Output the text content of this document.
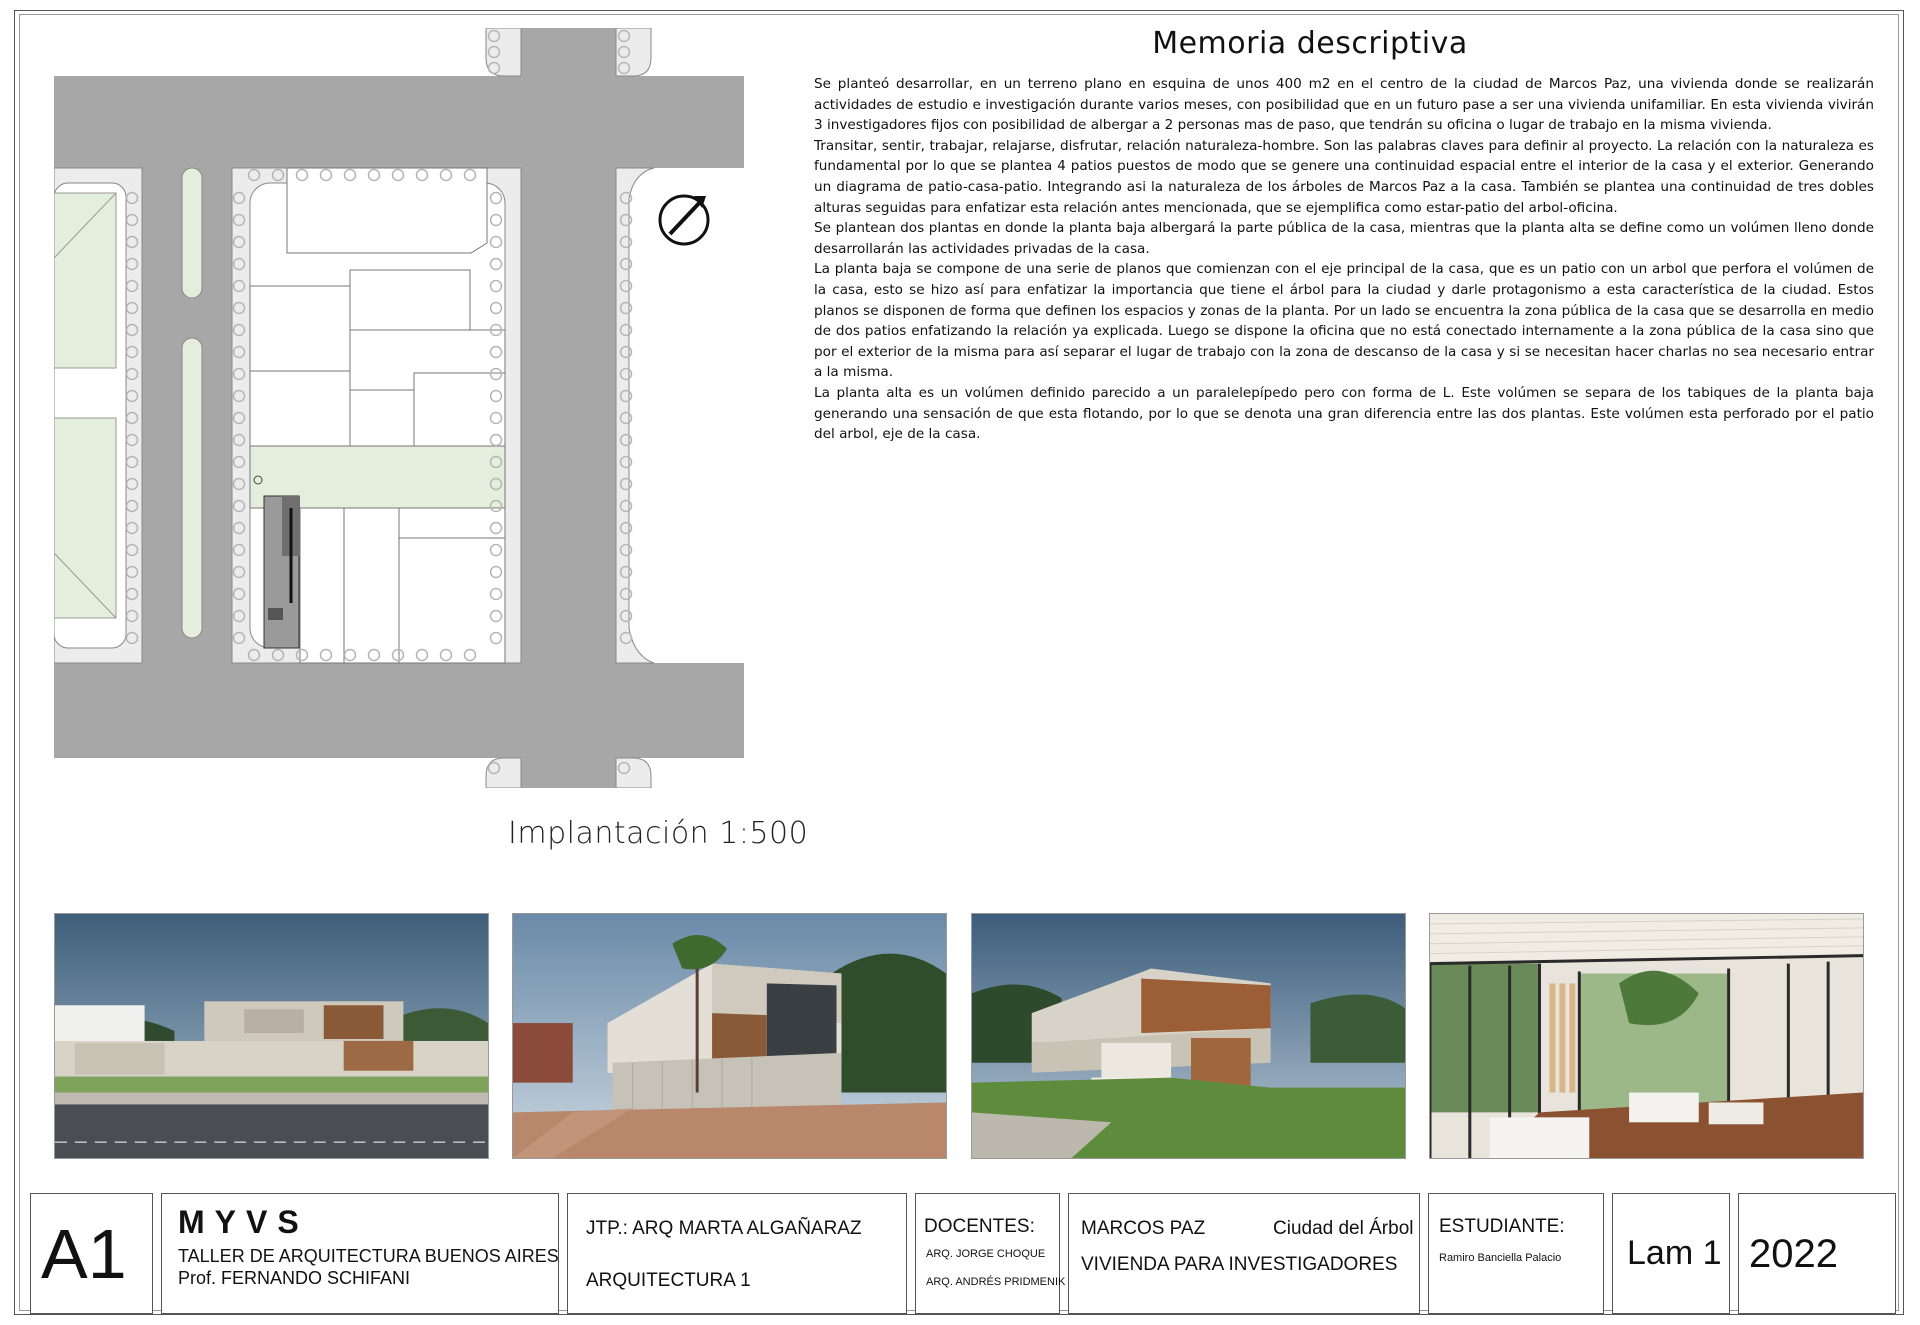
Implantación 1:500
Memoria descriptiva

Se planteó desarrollar, en un terreno plano en esquina de unos 400 m2 en el centro de la ciudad de Marcos Paz, una vivienda donde se realizarán actividades de estudio e investigación durante varios meses, con posibilidad que en un futuro pase a ser una vivienda unifamiliar. En esta vivienda vivirán 3 investigadores fijos con posibilidad de albergar a 2 personas mas de paso, que tendrán su oficina o lugar de trabajo en la misma vivienda.

Transitar, sentir, trabajar, relajarse, disfrutar, relación naturaleza-hombre. Son las palabras claves para definir al proyecto. La relación con la naturaleza es fundamental por lo que se plantea 4 patios puestos de modo que se genere una continuidad espacial entre el interior de la casa y el exterior. Generando un diagrama de patio-casa-patio. Integrando asi la naturaleza de los árboles de Marcos Paz a la casa. También se plantea una continuidad de tres dobles alturas seguidas para enfatizar esta relación antes mencionada, que se ejemplifica como estar-patio del arbol-oficina.

Se plantean dos plantas en donde la planta baja albergará la parte pública de la casa, mientras que la planta alta se define como un volúmen lleno donde desarrollarán las actividades privadas de la casa.

La planta baja se compone de una serie de planos que comienzan con el eje principal de la casa, que es un patio con un arbol que perfora el volúmen de la casa, esto se hizo así para enfatizar la importancia que tiene el árbol para la ciudad y darle protagonismo a esta característica de la ciudad. Estos planos se disponen de forma que definen los espacios y zonas de la planta. Por un lado se encuentra la zona pública de la casa que se desarrolla en medio de dos patios enfatizando la relación ya explicada. Luego se dispone la oficina que no está conectado internamente a la zona pública de la casa sino que por el exterior de la misma para así separar el lugar de trabajo con la zona de descanso de la casa y si se necesitan hacer charlas no sea necesario entrar a la misma.

La planta alta es un volúmen definido parecido a un paralelepípedo pero con forma de L. Este volúmen se separa de los tabiques de la planta baja generando una sensación de que esta flotando, por lo que se denota una gran diferencia entre las dos plantas. Este volúmen esta perforado por el patio del arbol, eje de la casa.

A1 MYVS
TALLER DE ARQUITECTURA BUENOS AIRES
Prof. FERNANDO SCHIFANI
JTP.: ARQ MARTA ALGAÑARAZ
ARQUITECTURA 1
DOCENTES:
ARQ. JORGE CHOQUE
ARQ. ANDRÉS PRIDMENIK
MARCOS PAZ	Ciudad del Árbol
VIVIENDA PARA INVESTIGADORES
ESTUDIANTE:
Ramiro Banciella Palacio Lam 1 2022
